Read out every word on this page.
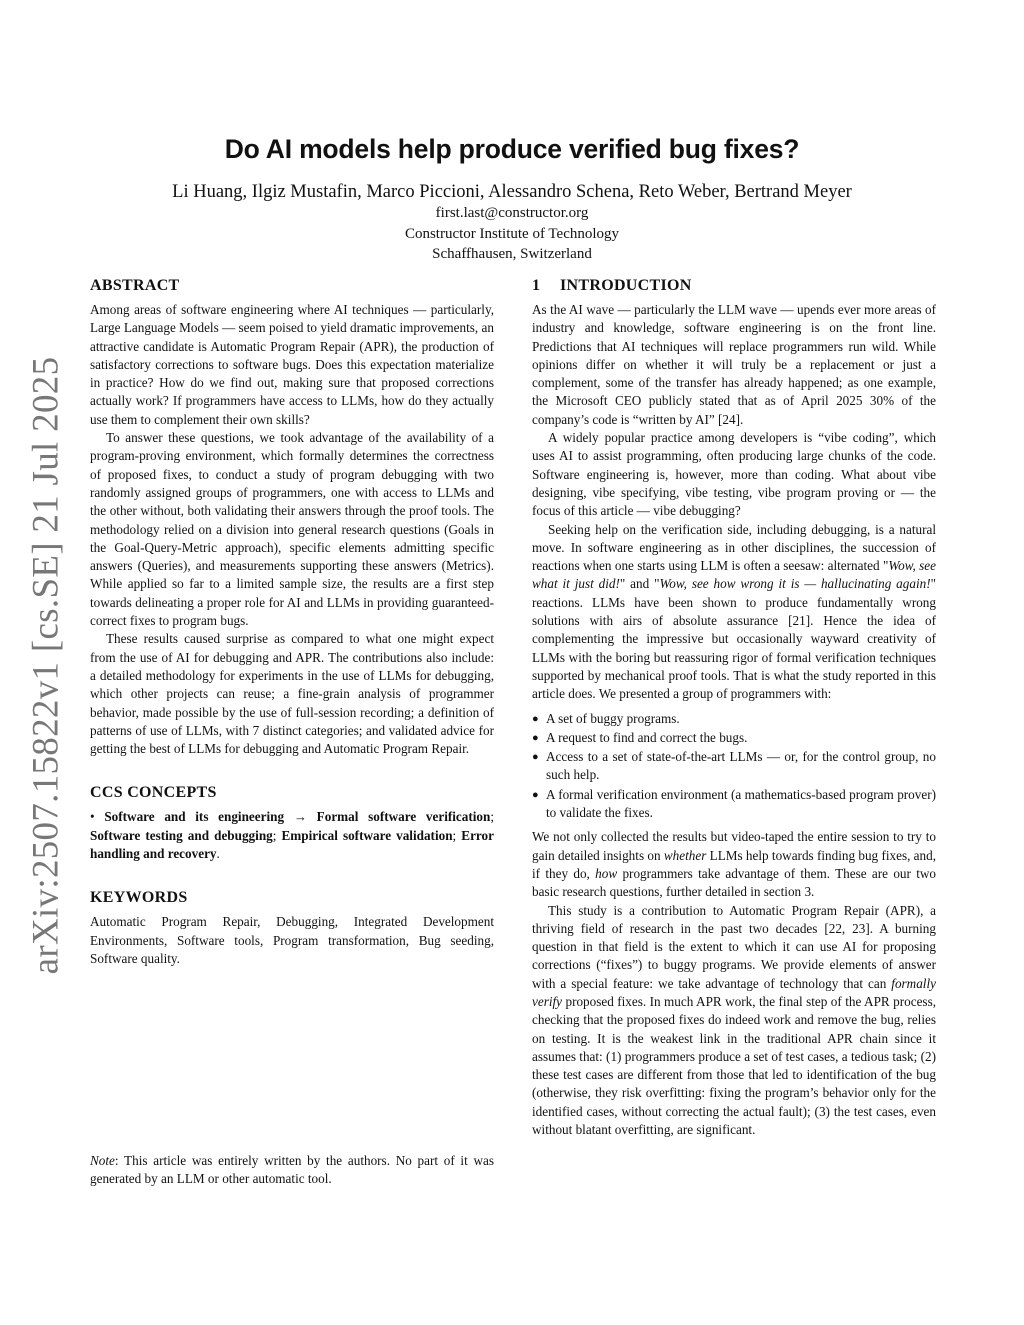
arXiv:2507.15822v1 [cs.SE] 21 Jul 2025
Do AI models help produce verified bug fixes?
Li Huang, Ilgiz Mustafin, Marco Piccioni, Alessandro Schena, Reto Weber, Bertrand Meyer
first.last@constructor.org
Constructor Institute of Technology
Schaffhausen, Switzerland
ABSTRACT

Among areas of software engineering where AI techniques — particularly, Large Language Models — seem poised to yield dramatic improvements, an attractive candidate is Automatic Program Repair (APR), the production of satisfactory corrections to software bugs. Does this expectation materialize in practice? How do we find out, making sure that proposed corrections actually work? If programmers have access to LLMs, how do they actually use them to complement their own skills?

To answer these questions, we took advantage of the availability of a program-proving environment, which formally determines the correctness of proposed fixes, to conduct a study of program debugging with two randomly assigned groups of programmers, one with access to LLMs and the other without, both validating their answers through the proof tools. The methodology relied on a division into general research questions (Goals in the Goal-Query-Metric approach), specific elements admitting specific answers (Queries), and measurements supporting these answers (Metrics). While applied so far to a limited sample size, the results are a first step towards delineating a proper role for AI and LLMs in providing guaranteed-correct fixes to program bugs.

These results caused surprise as compared to what one might expect from the use of AI for debugging and APR. The contributions also include: a detailed methodology for experiments in the use of LLMs for debugging, which other projects can reuse; a fine-grain analysis of programmer behavior, made possible by the use of full-session recording; a definition of patterns of use of LLMs, with 7 distinct categories; and validated advice for getting the best of LLMs for debugging and Automatic Program Repair.

CCS CONCEPTS

• Software and its engineering → Formal software verification; Software testing and debugging; Empirical software validation; Error handling and recovery.

KEYWORDS

Automatic Program Repair, Debugging, Integrated Development Environments, Software tools, Program transformation, Bug seeding, Software quality.

Note: This article was entirely written by the authors. No part of it was generated by an LLM or other automatic tool.
1 INTRODUCTION

As the AI wave — particularly the LLM wave — upends ever more areas of industry and knowledge, software engineering is on the front line. Predictions that AI techniques will replace programmers run wild. While opinions differ on whether it will truly be a replacement or just a complement, some of the transfer has already happened; as one example, the Microsoft CEO publicly stated that as of April 2025 30% of the company’s code is “written by AI” [24].

A widely popular practice among developers is “vibe coding”, which uses AI to assist programming, often producing large chunks of the code. Software engineering is, however, more than coding. What about vibe designing, vibe specifying, vibe testing, vibe program proving or — the focus of this article — vibe debugging?

Seeking help on the verification side, including debugging, is a natural move. In software engineering as in other disciplines, the succession of reactions when one starts using LLM is often a seesaw: alternated "Wow, see what it just did!" and "Wow, see how wrong it is — hallucinating again!" reactions. LLMs have been shown to produce fundamentally wrong solutions with airs of absolute assurance [21]. Hence the idea of complementing the impressive but occasionally wayward creativity of LLMs with the boring but reassuring rigor of formal verification techniques supported by mechanical proof tools. That is what the study reported in this article does. We presented a group of programmers with:

● A set of buggy programs.
● A request to find and correct the bugs.
● Access to a set of state-of-the-art LLMs — or, for the control group, no such help.
● A formal verification environment (a mathematics-based program prover) to validate the fixes.

We not only collected the results but video-taped the entire session to try to gain detailed insights on whether LLMs help towards finding bug fixes, and, if they do, how programmers take advantage of them. These are our two basic research questions, further detailed in section 3.

This study is a contribution to Automatic Program Repair (APR), a thriving field of research in the past two decades [22, 23]. A burning question in that field is the extent to which it can use AI for proposing corrections (“fixes”) to buggy programs. We provide elements of answer with a special feature: we take advantage of technology that can formally verify proposed fixes. In much APR work, the final step of the APR process, checking that the proposed fixes do indeed work and remove the bug, relies on testing. It is the weakest link in the traditional APR chain since it assumes that: (1) programmers produce a set of test cases, a tedious task; (2) these test cases are different from those that led to identification of the bug (otherwise, they risk overfitting: fixing the program’s behavior only for the identified cases, without correcting the actual fault); (3) the test cases, even without blatant overfitting, are significant.
